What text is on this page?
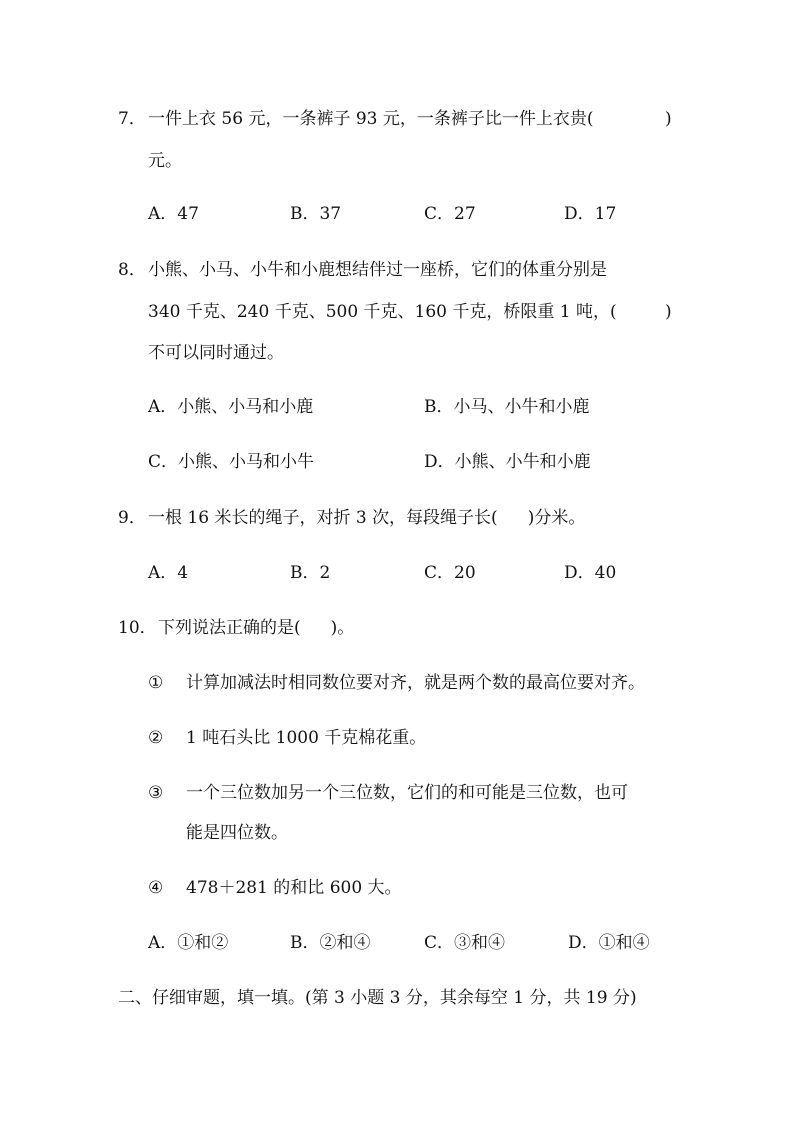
7． 一件上衣 56 元，一条裤子 93 元，一条裤子比一件上衣贵(	)
元。
A．47	B．37	C．27	D．17
8． 小熊、小马、小牛和小鹿想结伴过一座桥，它们的体重分别是
340 千克、240 千克、500 千克、160 千克，桥限重 1 吨，(	)
不可以同时通过。
A．小熊、小马和小鹿	B．小马、小牛和小鹿
C．小熊、小马和小牛	D．小熊、小牛和小鹿
9． 一根 16 米长的绳子，对折 3 次，每段绳子长( )分米。
A．4	B．2	C．20	D．40
10． 下列说法正确的是( )。
① 计算加减法时相同数位要对齐，就是两个数的最高位要对齐。
② 1 吨石头比 1000 千克棉花重。
③ 一个三位数加另一个三位数，它们的和可能是三位数，也可
能是四位数。
④ 478＋281 的和比 600 大。
A．①和②	B．②和④	C．③和④	D．①和④
二、仔细审题，填一填。(第 3 小题 3 分，其余每空 1 分，共 19 分)
